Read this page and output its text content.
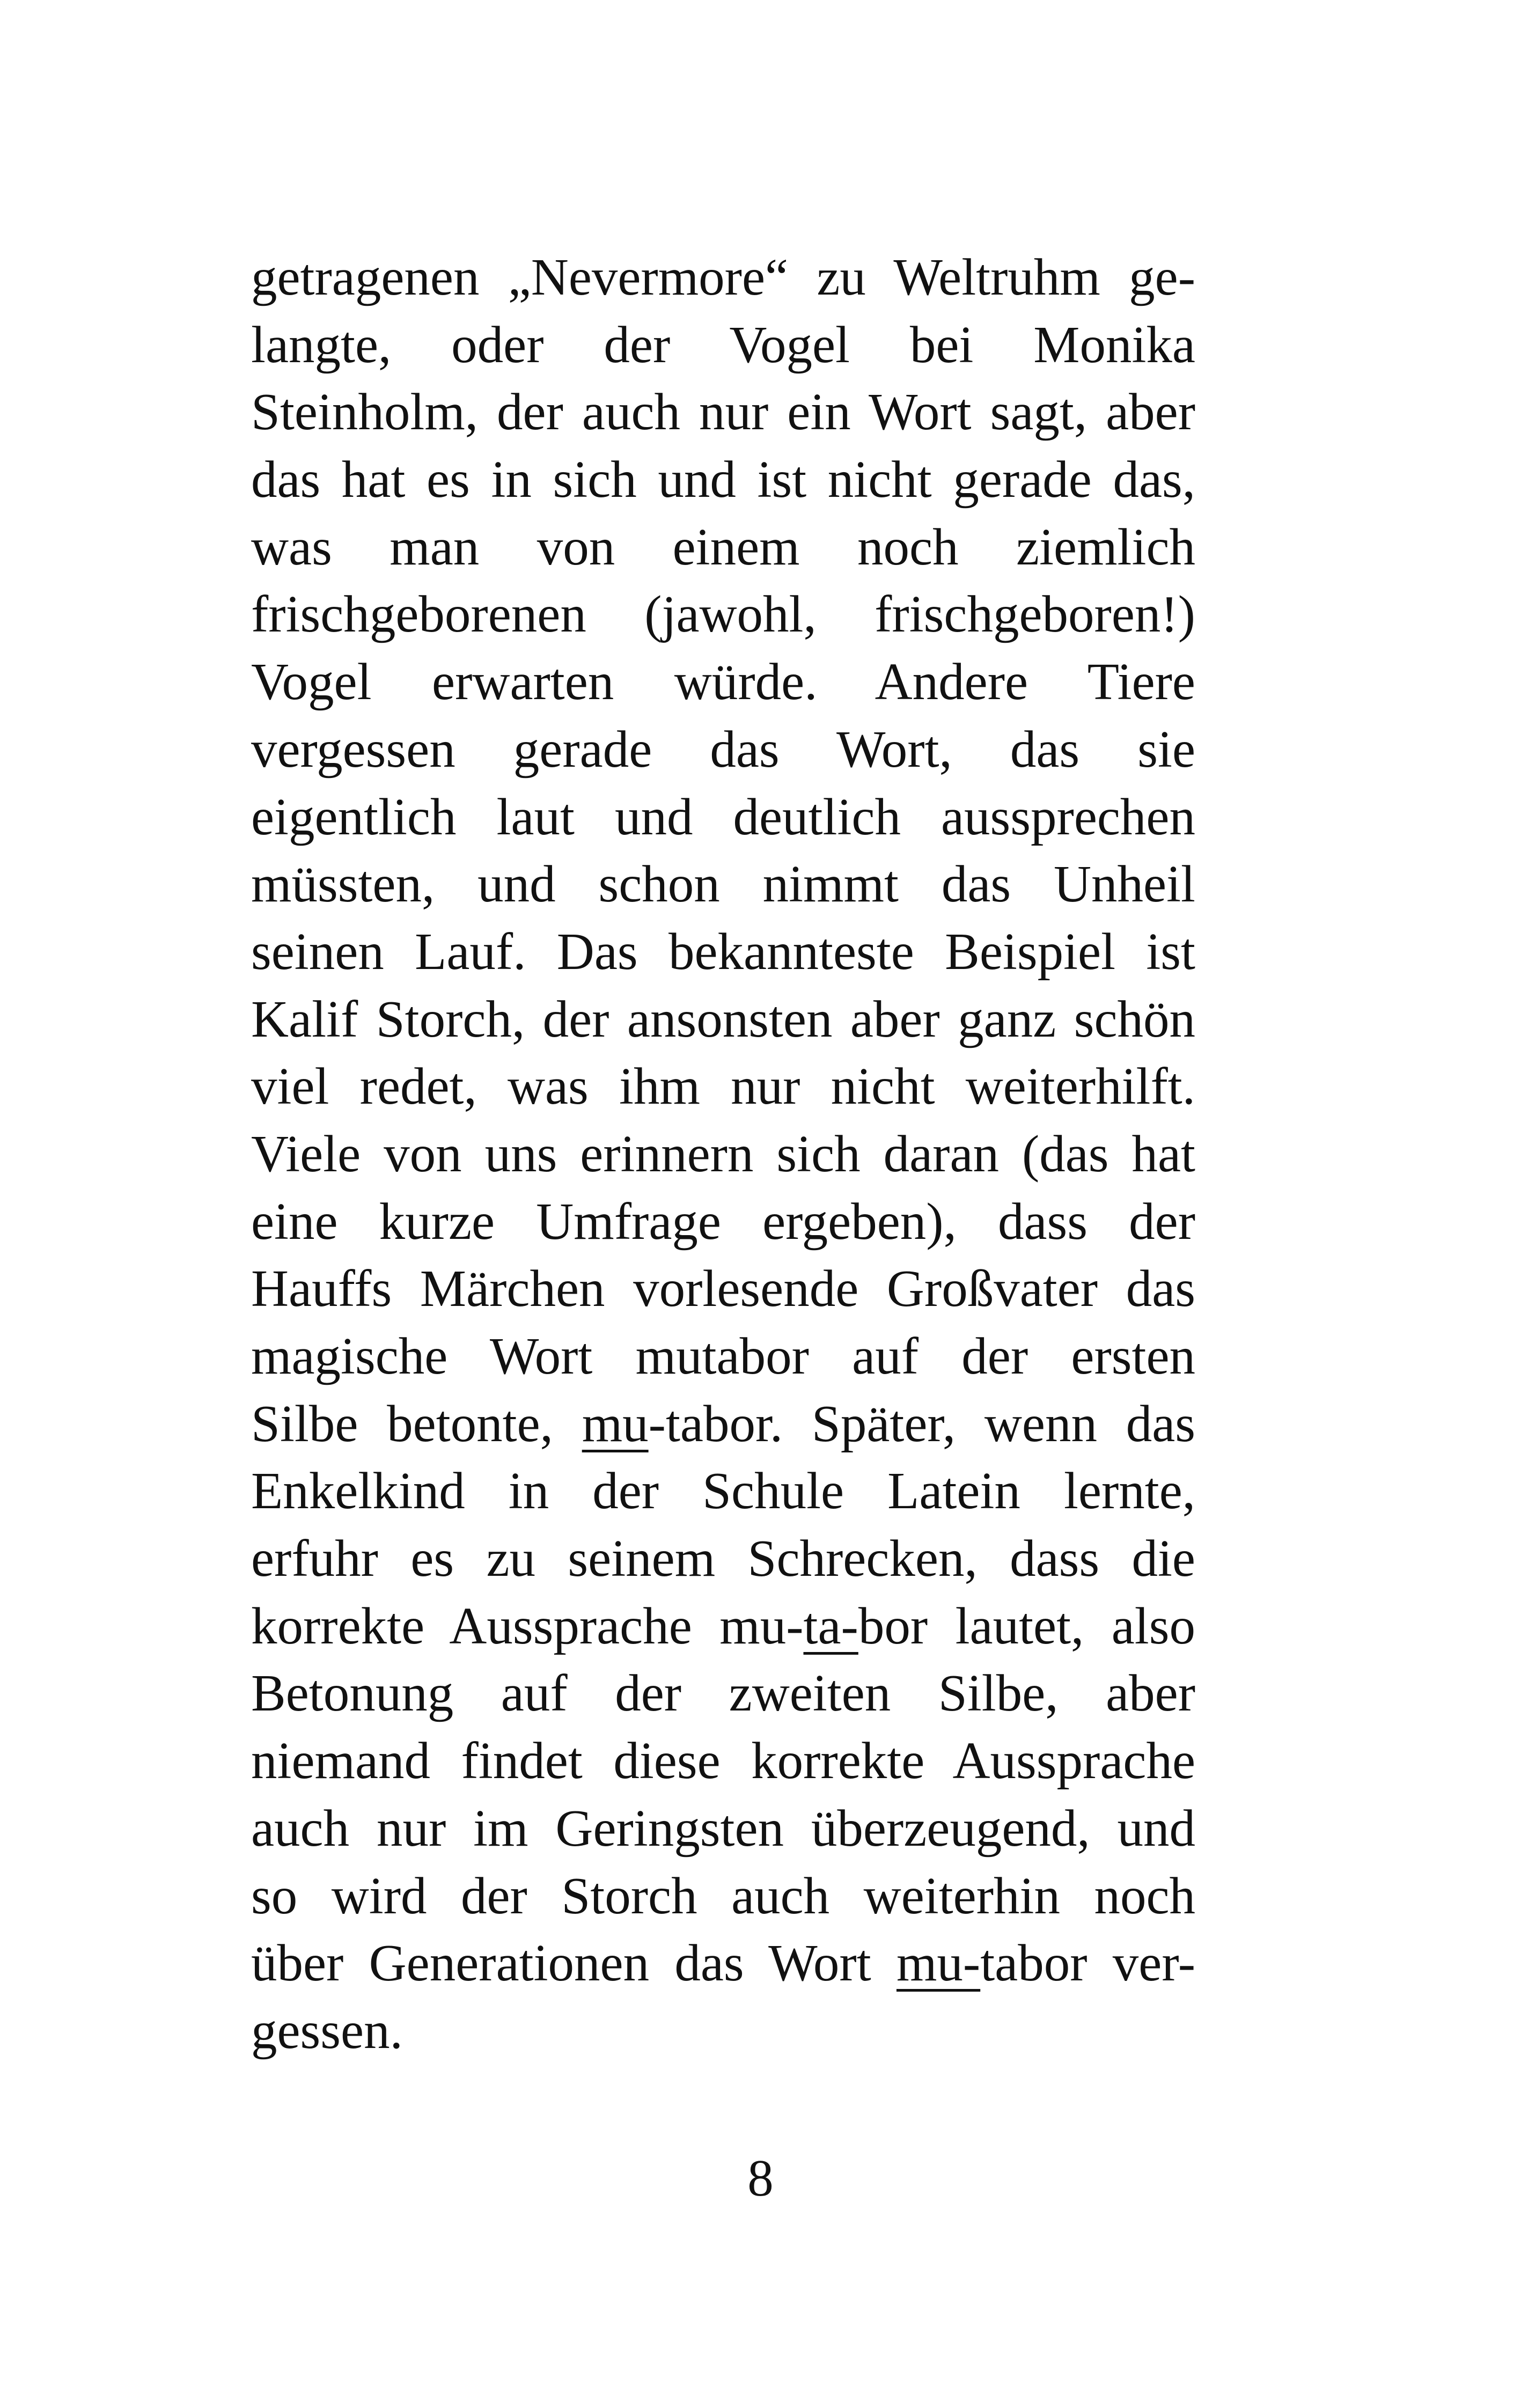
getragenen „Nevermore“ zu Weltruhm ge-
langte, oder der Vogel bei Monika
Steinholm, der auch nur ein Wort sagt, aber
das hat es in sich und ist nicht gerade das,
was man von einem noch ziemlich
frischgeborenen (jawohl, frischgeboren!)
Vogel erwarten würde. Andere Tiere
vergessen gerade das Wort, das sie
eigentlich laut und deutlich aussprechen
müssten, und schon nimmt das Unheil
seinen Lauf. Das bekannteste Beispiel ist
Kalif Storch, der ansonsten aber ganz schön
viel redet, was ihm nur nicht weiterhilft.
Viele von uns erinnern sich daran (das hat
eine kurze Umfrage ergeben), dass der
Hauffs Märchen vorlesende Großvater das
magische Wort mutabor auf der ersten
Silbe betonte, mu-tabor. Später, wenn das
Enkelkind in der Schule Latein lernte,
erfuhr es zu seinem Schrecken, dass die
korrekte Aussprache mu-ta-bor lautet, also
Betonung auf der zweiten Silbe, aber
niemand findet diese korrekte Aussprache
auch nur im Geringsten überzeugend, und
so wird der Storch auch weiterhin noch
über Generationen das Wort mu-tabor ver-
gessen.
8
